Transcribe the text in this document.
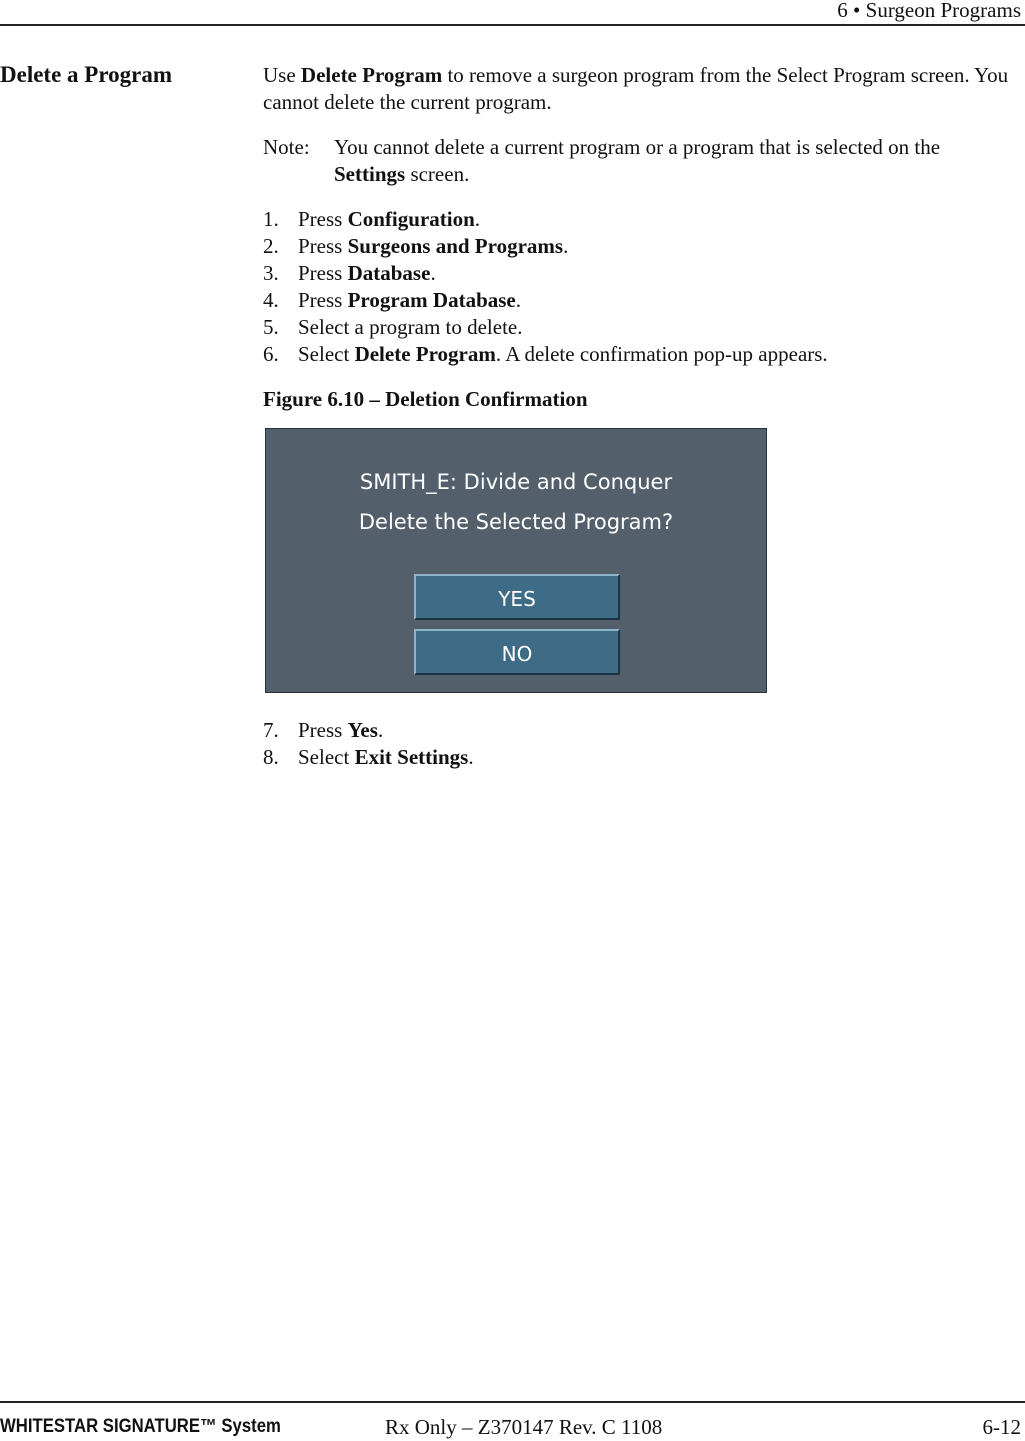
6 • Surgeon Programs
Delete a Program	Use Delete Program to remove a surgeon program from the Select Program screen. You cannot delete the current program.

Note: You cannot delete a current program or a program that is selected on the Settings screen.
1. Press Configuration.
2. Press Surgeons and Programs.
3. Press Database.
4. Press Program Database.
5. Select a program to delete.
6. Select Delete Program. A delete confirmation pop-up appears.
Figure 6.10 – Deletion Confirmation
SMITH_E: Divide and Conquer
Delete the Selected Program?
YES
NO
7. Press Yes.
8. Select Exit Settings.
WHITESTAR SIGNATURE™ System	Rx Only – Z370147 Rev. C 1108	6-12
